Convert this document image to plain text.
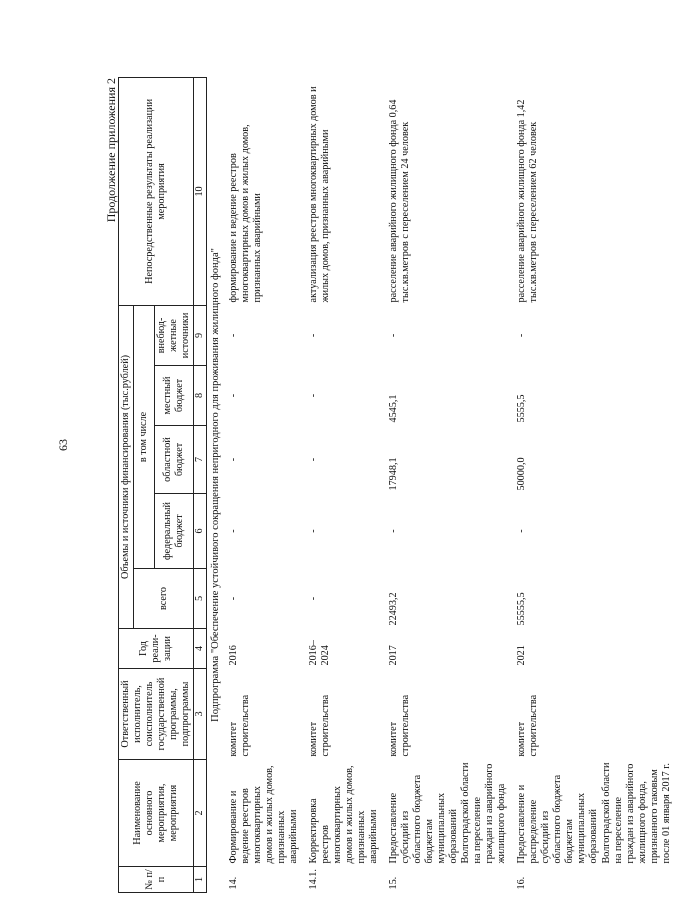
63
Продолжение приложения 2
№ п/п	Наименование основного мероприятия, мероприятия	Ответственный исполнитель, соисполнитель государственной программы, подпрограммы	Год реали-зации	Объемы и источники финансирования (тыс.рублей)					Непосредственные результаты реализации мероприятия
				всего	в том числе				
					федеральный бюджет	областной бюджет	местный бюджет	внебюд-жетные источники	
1	2	3	4	5	6	7	8	9	10
Подпрограмма "Обеспечение устойчивого сокращения непригодного для проживания жилищного фонда"									
14.	Формирование и ведение реестров многоквартирных домов и жилых домов, признанных аварийными	комитет строительства	2016	-	-	-	-	-	формирование и ведение реестров многоквартирных домов и жилых домов, признанных аварийными
14.1.	Корректировка реестров многоквартирных домов и жилых домов, признанных аварийными	комитет строительства	2016–2024	-	-	-	-	-	актуализация реестров многоквартирных домов и жилых домов, признанных аварийными
15.	Предоставление субсидий из областного бюджета бюджетам муниципальных образований Волгоградской области на переселение граждан из аварийного жилищного фонда	комитет строительства	2017	22493,2	-	17948,1	4545,1	-	расселение аварийного жилищного фонда 0,64 тыс.кв.метров с переселением 24 человек
16.	Предоставление и распределение субсидий из областного бюджета бюджетам муниципальных образований Волгоградской области на переселение граждан из аварийного жилищного фонда, признанного таковым после 01 января 2017 г.	комитет строительства	2021	55555,5	-	50000,0	5555,5	-	расселение аварийного жилищного фонда 1,42 тыс.кв.метров с переселением 62 человек
